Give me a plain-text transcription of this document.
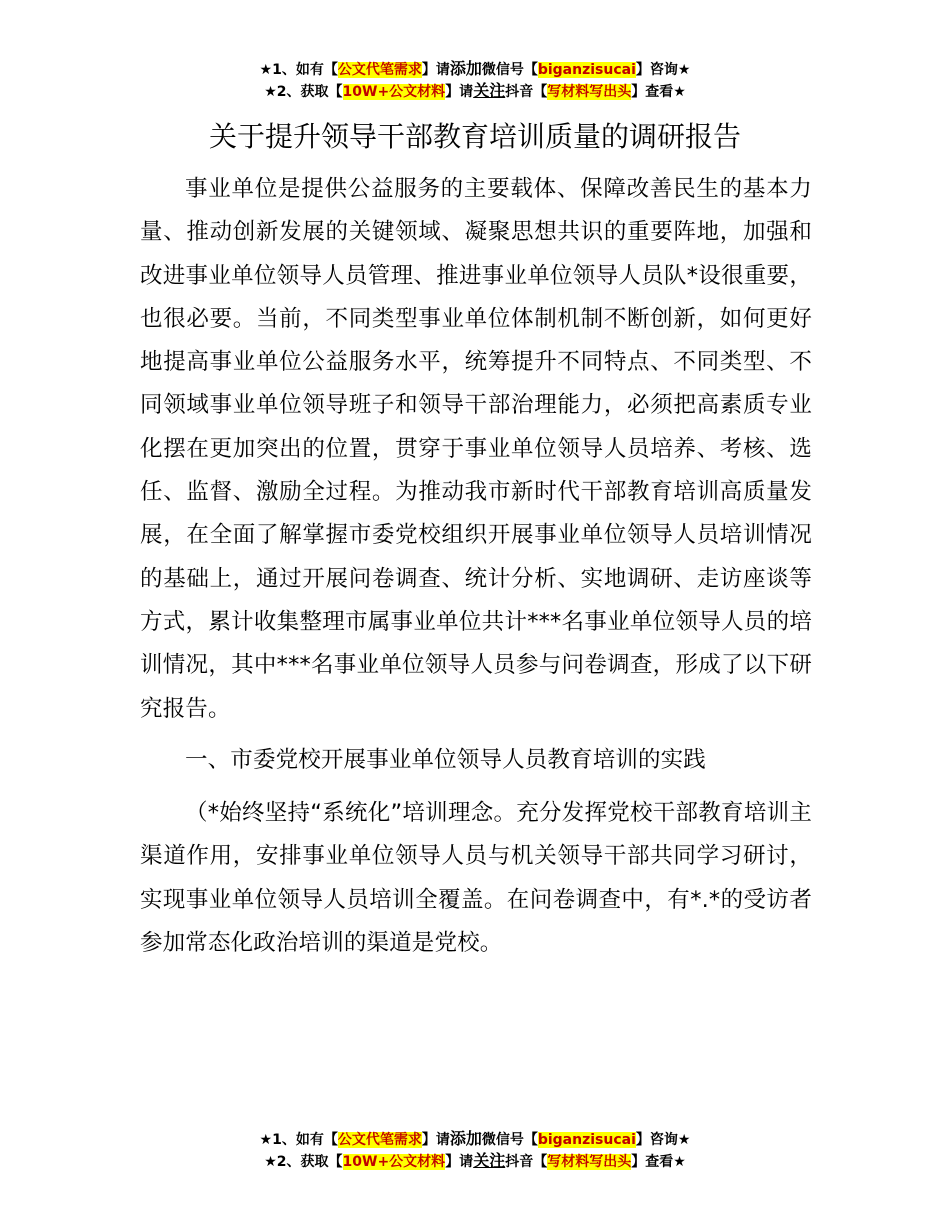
★1、如有【公文代笔需求】请添加微信号【biganzisucai】咨询★
★2、获取【10W+公文材料】请关注抖音【写材料写出头】查看★
关于提升领导干部教育培训质量的调研报告

事业单位是提供公益服务的主要载体、保障改善民生的基本力量、推动创新发展的关键领域、凝聚思想共识的重要阵地，加强和改进事业单位领导人员管理、推进事业单位领导人员队*设很重要，也很必要。当前，不同类型事业单位体制机制不断创新，如何更好地提高事业单位公益服务水平，统筹提升不同特点、不同类型、不同领域事业单位领导班子和领导干部治理能力，必须把高素质专业化摆在更加突出的位置，贯穿于事业单位领导人员培养、考核、选任、监督、激励全过程。为推动我市新时代干部教育培训高质量发展，在全面了解掌握市委党校组织开展事业单位领导人员培训情况的基础上，通过开展问卷调查、统计分析、实地调研、走访座谈等方式，累计收集整理市属事业单位共计***名事业单位领导人员的培训情况，其中***名事业单位领导人员参与问卷调查，形成了以下研究报告。

一、市委党校开展事业单位领导人员教育培训的实践

（*始终坚持“系统化”培训理念。充分发挥党校干部教育培训主渠道作用，安排事业单位领导人员与机关领导干部共同学习研讨，实现事业单位领导人员培训全覆盖。在问卷调查中，有*.*的受访者参加常态化政治培训的渠道是党校。

★1、如有【公文代笔需求】请添加微信号【biganzisucai】咨询★
★2、获取【10W+公文材料】请关注抖音【写材料写出头】查看★
